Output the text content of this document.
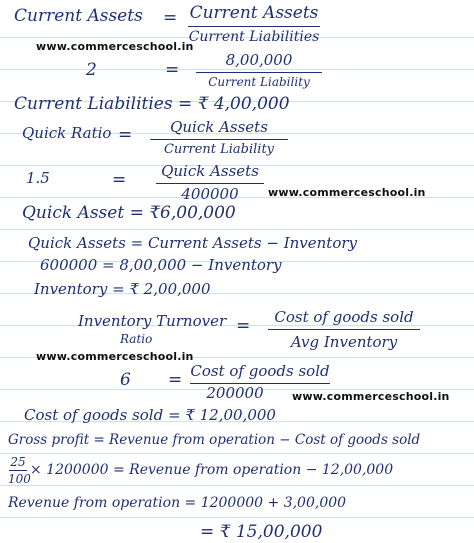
Current Assets = Current Assets
Current Liabilities
www.commerceschool.in
2	=	8,00,000
Current Liability
Current Liabilities = ₹ 4,00,000
Quick Ratio =	Quick Assets
Current Liability
1.5	=	Quick Assets
400000	www.commerceschool.in
Quick Asset = ₹6,00,000
Quick Assets = Current Assets − Inventory
600000 = 8,00,000 − Inventory
Inventory = ₹ 2,00,000
Inventory Turnover
Ratio
=	Cost of goods sold
Avg Inventory
www.commerceschool.in
6 = Cost of goods sold
200000	www.commerceschool.in
Cost of goods sold = ₹ 12,00,000
Gross profit = Revenue from operation − Cost of goods sold
25
100
× 1200000 = Revenue from operation − 12,00,000
Revenue from operation = 1200000 + 3,00,000
= ₹ 15,00,000
